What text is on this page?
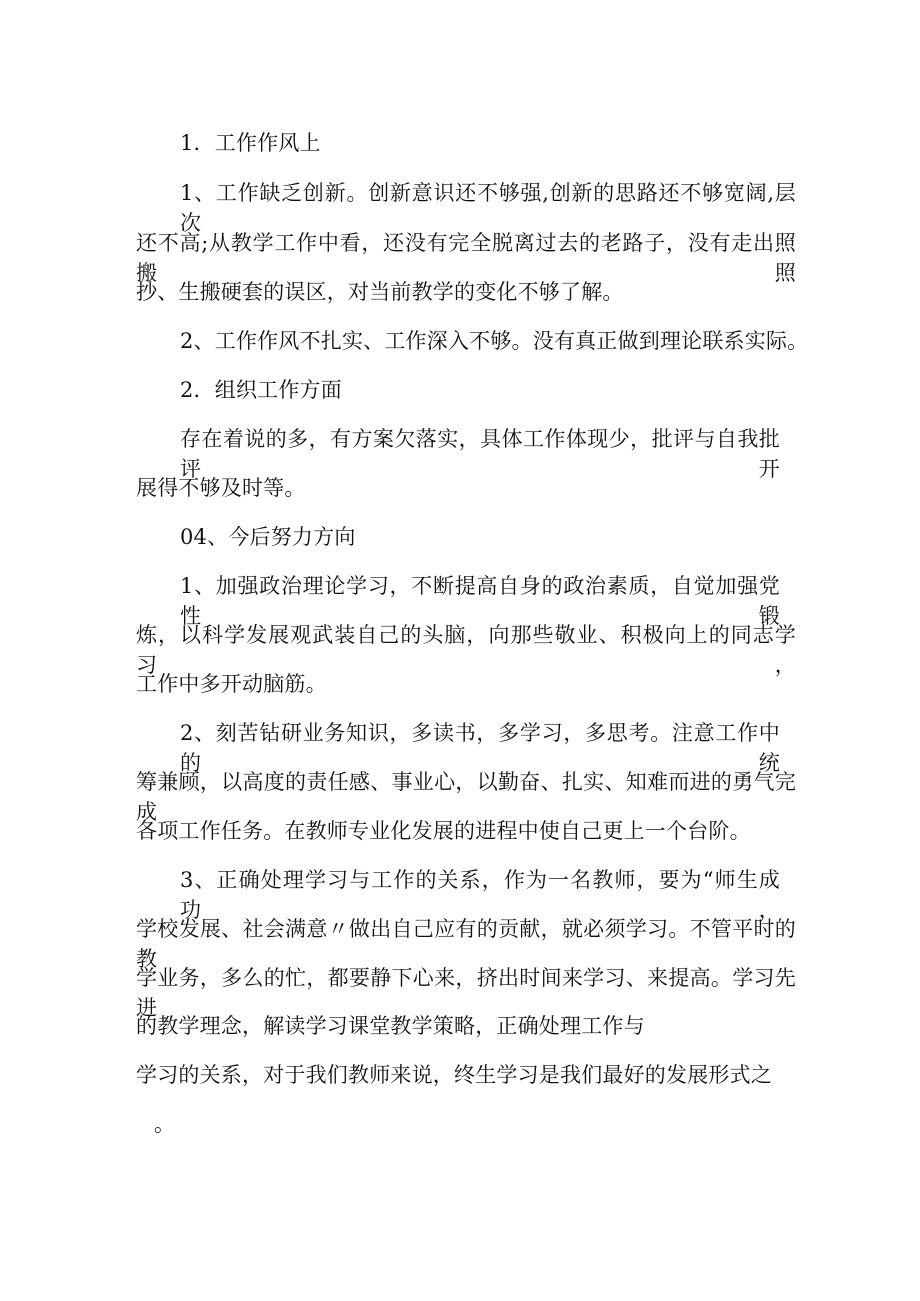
1．工作作风上
1、工作缺乏创新。创新意识还不够强,创新的思路还不够宽阔,层次
还不高;从教学工作中看，还没有完全脱离过去的老路子，没有走出照搬照
抄、生搬硬套的误区，对当前教学的变化不够了解。
2、工作作风不扎实、工作深入不够。没有真正做到理论联系实际。
2．组织工作方面
存在着说的多，有方案欠落实，具体工作体现少，批评与自我批评开
展得不够及时等。
04、今后努力方向
1、加强政治理论学习，不断提高自身的政治素质，自觉加强党性锻
炼，以科学发展观武装自己的头脑，向那些敬业、积极向上的同志学习，
工作中多开动脑筋。
2、刻苦钻研业务知识，多读书，多学习，多思考。注意工作中的统
筹兼顾，以高度的责任感、事业心，以勤奋、扎实、知难而进的勇气完成
各项工作任务。在教师专业化发展的进程中使自己更上一个台阶。
3、正确处理学习与工作的关系，作为一名教师，要为“师生成功，
学校发展、社会满意〃做出自己应有的贡献，就必须学习。不管平时的教
学业务，多么的忙，都要静下心来，挤出时间来学习、来提高。学习先进
的教学理念，解读学习课堂教学策略，正确处理工作与
学习的关系，对于我们教师来说，终生学习是我们最好的发展形式之
。
